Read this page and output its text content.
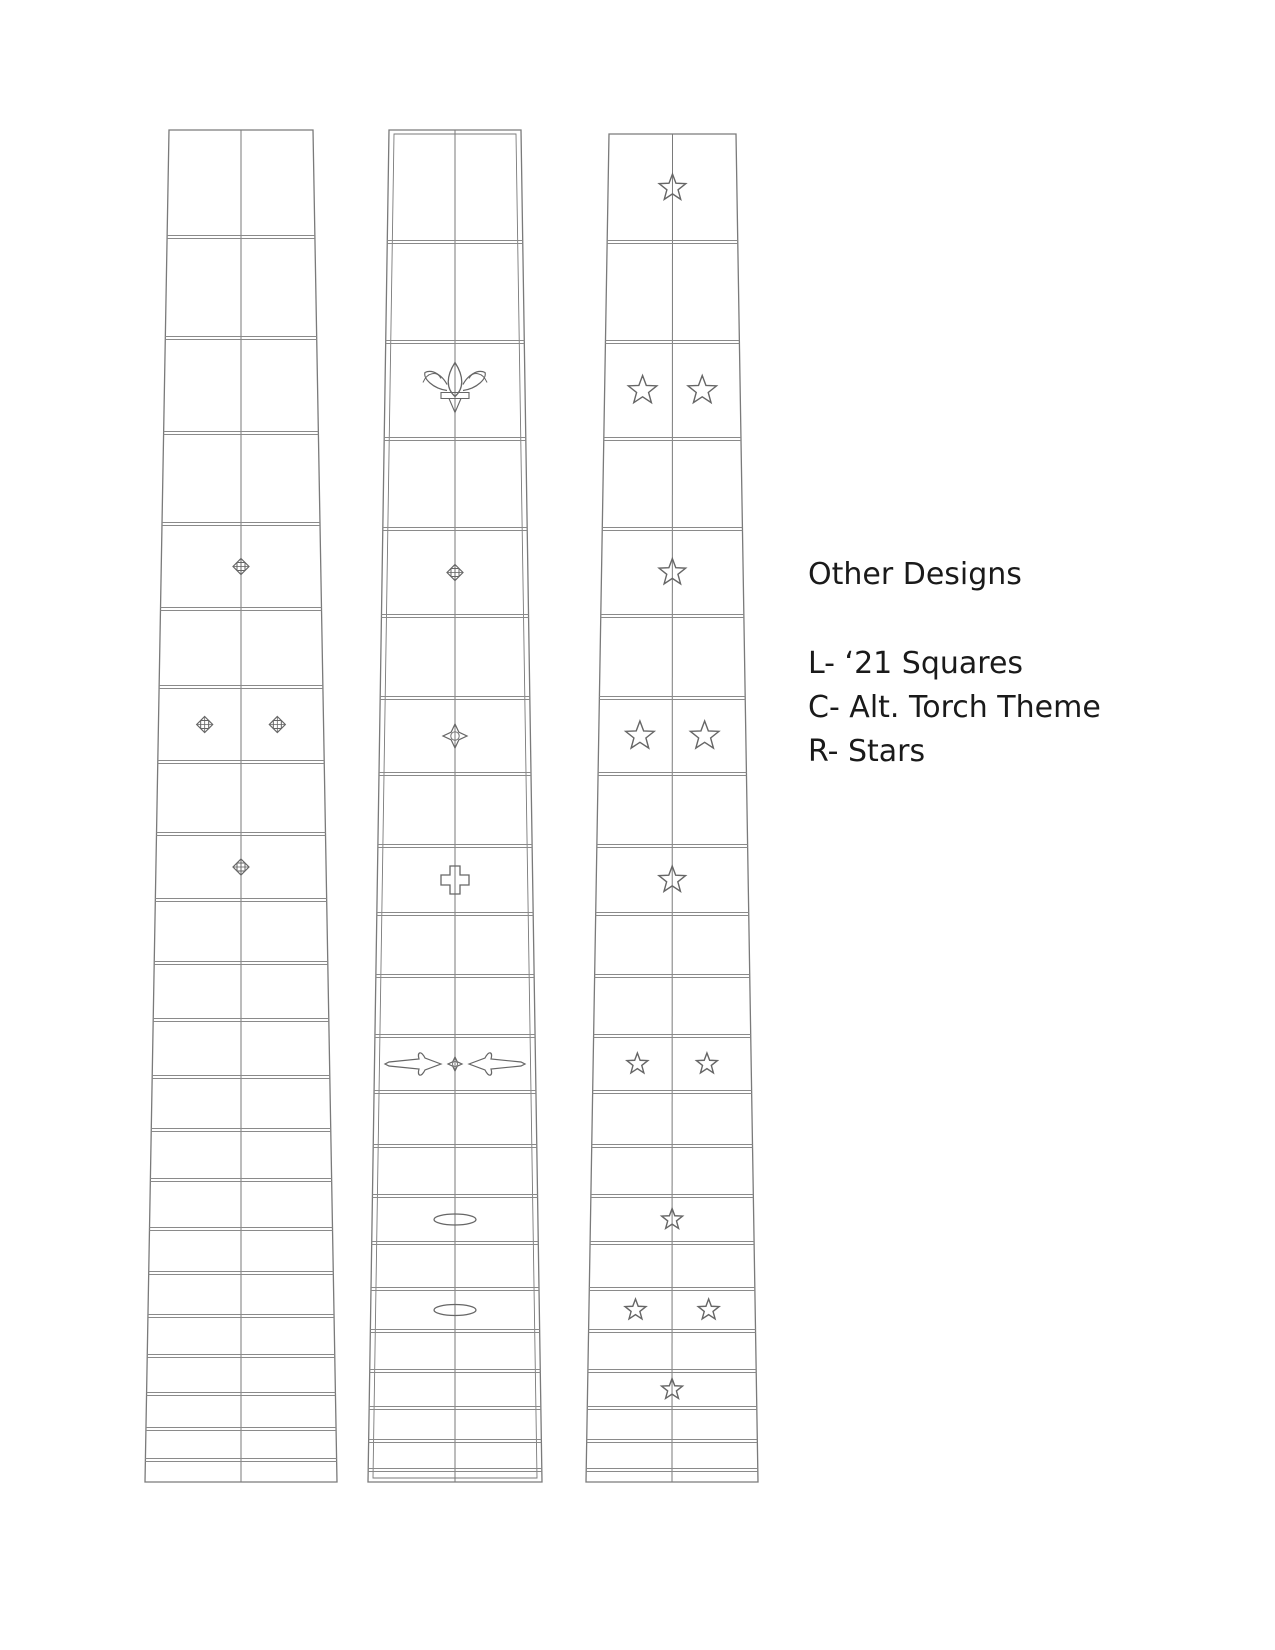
Other Designs
L- ‘21 Squares
C- Alt. Torch Theme
R- Stars
